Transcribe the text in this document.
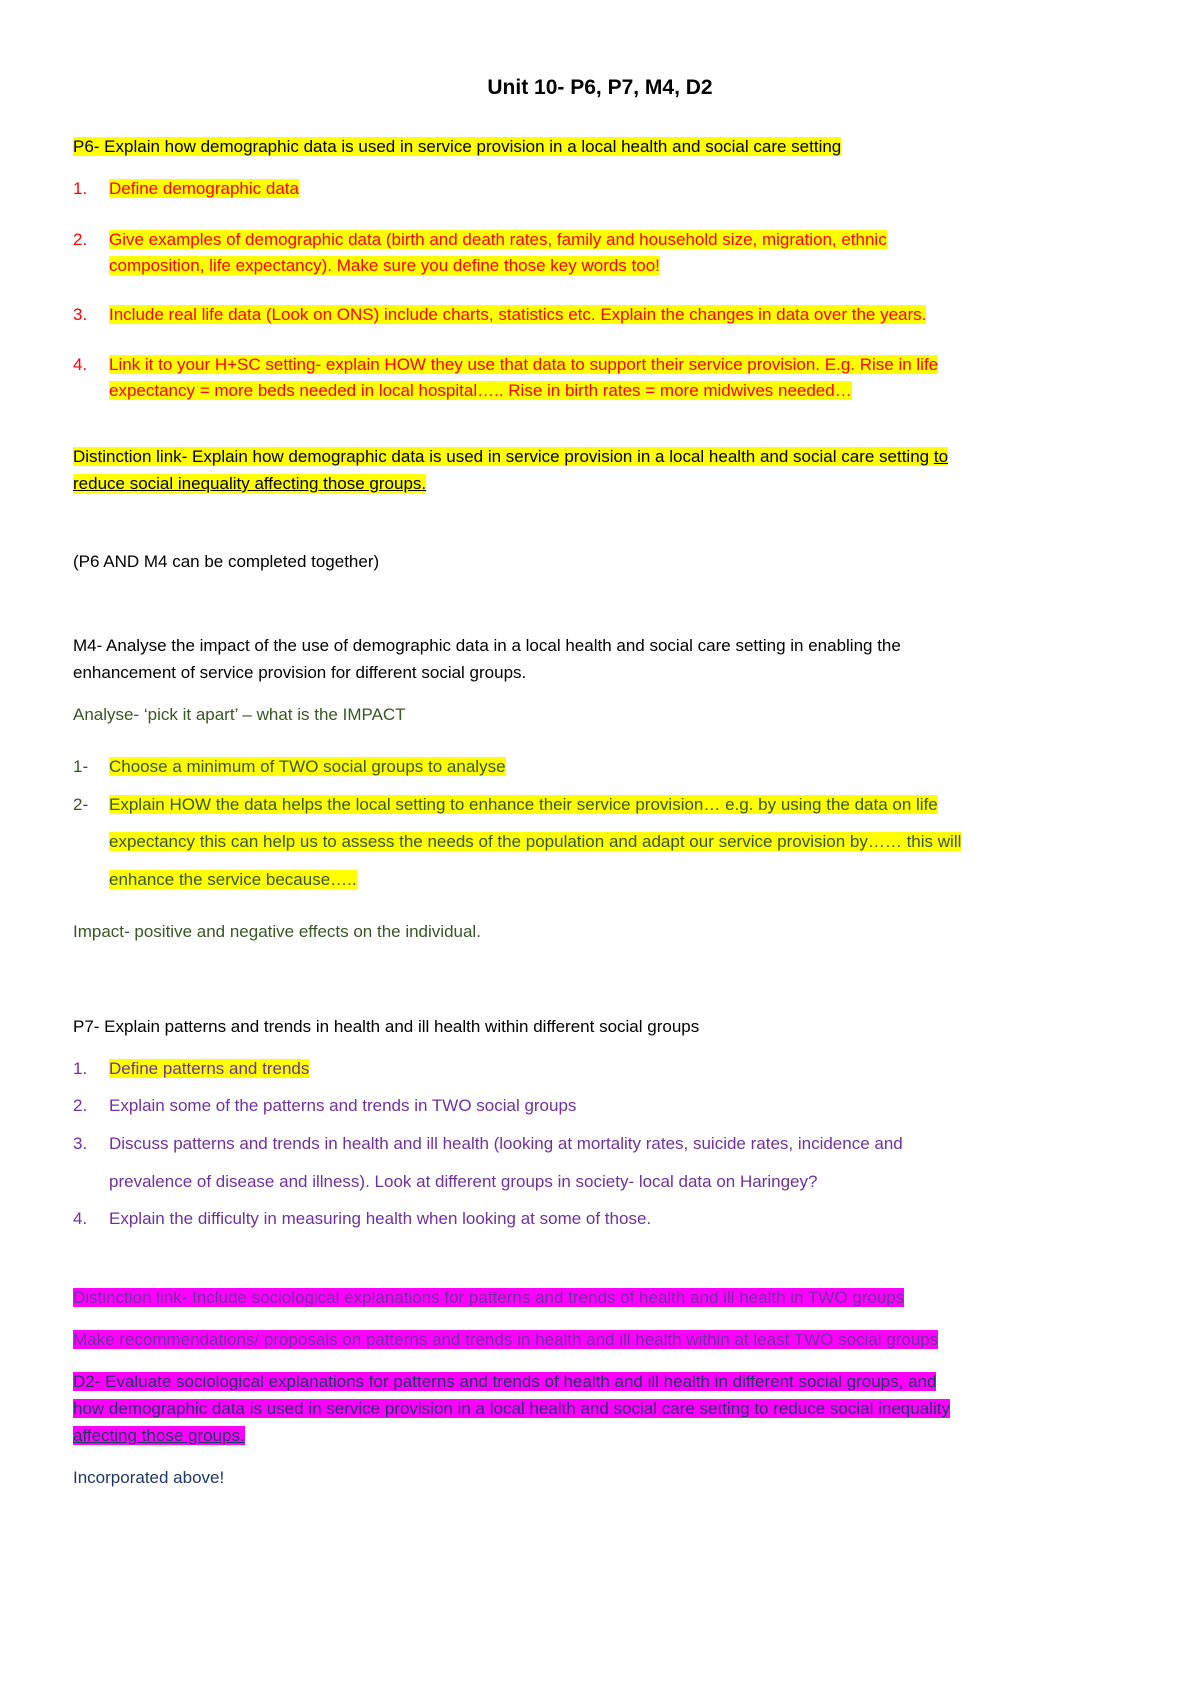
Unit 10- P6, P7, M4, D2
P6- Explain how demographic data is used in service provision in a local health and social care setting
1. Define demographic data
2. Give examples of demographic data (birth and death rates, family and household size, migration, ethnic
composition, life expectancy). Make sure you define those key words too!
3. Include real life data (Look on ONS) include charts, statistics etc. Explain the changes in data over the years.
4. Link it to your H+SC setting- explain HOW they use that data to support their service provision. E.g. Rise in life
expectancy = more beds needed in local hospital….. Rise in birth rates = more midwives needed…
Distinction link- Explain how demographic data is used in service provision in a local health and social care setting to
reduce social inequality affecting those groups.
(P6 AND M4 can be completed together)
M4- Analyse the impact of the use of demographic data in a local health and social care setting in enabling the
enhancement of service provision for different social groups.
Analyse- ‘pick it apart’ – what is the IMPACT
1- Choose a minimum of TWO social groups to analyse
2- Explain HOW the data helps the local setting to enhance their service provision… e.g. by using the data on life
expectancy this can help us to assess the needs of the population and adapt our service provision by…… this will
enhance the service because…..
Impact- positive and negative effects on the individual.
P7- Explain patterns and trends in health and ill health within different social groups
1. Define patterns and trends
2. Explain some of the patterns and trends in TWO social groups
3. Discuss patterns and trends in health and ill health (looking at mortality rates, suicide rates, incidence and
prevalence of disease and illness). Look at different groups in society- local data on Haringey?
4. Explain the difficulty in measuring health when looking at some of those.
Distinction link- Include sociological explanations for patterns and trends of health and ill health in TWO groups
Make recommendations/ proposals on patterns and trends in health and ill health within at least TWO social groups
D2- Evaluate sociological explanations for patterns and trends of health and ill health in different social groups, and
how demographic data is used in service provision in a local health and social care setting to reduce social inequality
affecting those groups.
Incorporated above!
